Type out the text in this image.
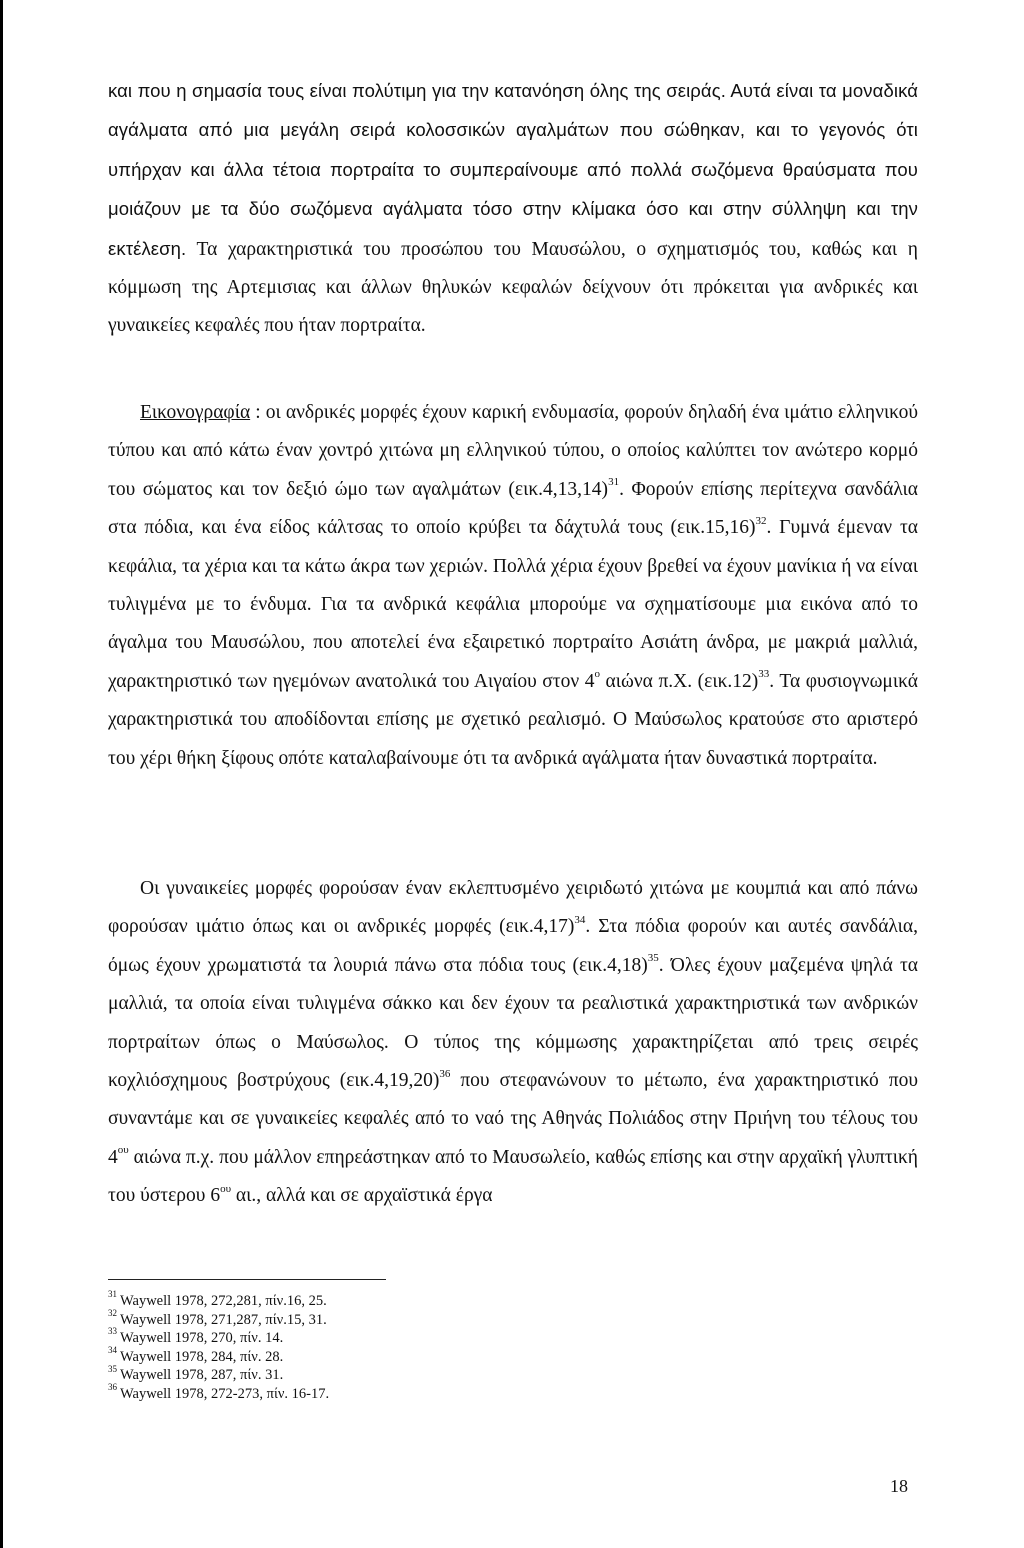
και που η σημασία τους είναι πολύτιμη για την κατανόηση όλης της σειράς. Αυτά είναι τα μοναδικά αγάλματα από μια μεγάλη σειρά κολοσσικών αγαλμάτων που σώθηκαν, και το γεγονός ότι υπήρχαν και άλλα τέτοια πορτραίτα το συμπεραίνουμε από πολλά σωζόμενα θραύσματα που μοιάζουν με τα δύο σωζόμενα αγάλματα τόσο στην κλίμακα όσο και στην σύλληψη και την εκτέλεση. Τα χαρακτηριστικά του προσώπου του Μαυσώλου, ο σχηματισμός του, καθώς και η κόμμωση της Αρτεμισιας και άλλων θηλυκών κεφαλών δείχνουν ότι πρόκειται για ανδρικές και γυναικείες κεφαλές που ήταν πορτραίτα.

Εικονογραφία : οι ανδρικές μορφές έχουν καρική ενδυμασία, φορούν δηλαδή ένα ιμάτιο ελληνικού τύπου και από κάτω έναν χοντρό χιτώνα μη ελληνικού τύπου, ο οποίος καλύπτει τον ανώτερο κορμό του σώματος και τον δεξιό ώμο των αγαλμάτων $(\varepsilon\iota\kappa.4,13,14)^{31}$. Φορούν επίσης περίτεχνα σανδάλια στα πόδια, και ένα είδος κάλτσας το οποίο κρύβει τα δάχτυλά τους $(\varepsilon\iota\kappa.15,16)^{32}$. Γυμνά έμεναν τα κεφάλια, τα χέρια και τα κάτω άκρα των χεριών. Πολλά χέρια έχουν βρεθεί να έχουν μανίκια ή να είναι τυλιγμένα με το ένδυμα. Για τα ανδρικά κεφάλια μπορούμε να σχηματίσουμε μια εικόνα από το άγαλμα του Μαυσώλου, που αποτελεί ένα εξαιρετικό πορτραίτο Ασιάτη άνδρα, με μακριά μαλλιά, χαρακτηριστικό των ηγεμόνων ανατολικά του Αιγαίου στον $4^o$ αιώνα π.Χ. $(\varepsilon\iota\kappa.12)^{33}$. Τα φυσιογνωμικά χαρακτηριστικά του αποδίδονται επίσης με σχετικό ρεαλισμό. Ο Μαύσωλος κρατούσε στο αριστερό του χέρι θήκη ξίφους οπότε καταλαβαίνουμε ότι τα ανδρικά αγάλματα ήταν δυναστικά πορτραίτα.

Οι γυναικείες μορφές φορούσαν έναν εκλεπτυσμένο χειριδωτό χιτώνα με κουμπιά και από πάνω φορούσαν ιμάτιο όπως και οι ανδρικές μορφές $(\varepsilon\iota\kappa.4,17)^{34}$. Στα πόδια φορούν και αυτές σανδάλια, όμως έχουν χρωματιστά τα λουριά πάνω στα πόδια τους $(\varepsilon\iota\kappa.4,18)^{35}$. Όλες έχουν μαζεμένα ψηλά τα μαλλιά, τα οποία είναι τυλιγμένα σάκκο και δεν έχουν τα ρεαλιστικά χαρακτηριστικά των ανδρικών πορτραίτων όπως ο Μαύσωλος. Ο τύπος της κόμμωσης χαρακτηρίζεται από τρεις σειρές κοχλιόσχημους βοστρύχους $(\varepsilon\iota\kappa.4,19,20)^{36}$ που στεφανώνουν το μέτωπο, ένα χαρακτηριστικό που συναντάμε και σε γυναικείες κεφαλές από το ναό της Αθηνάς Πολιάδος στην Πριήνη του τέλους του $4^{o\upsilon}$ αιώνα π.χ. που μάλλον επηρεάστηκαν από το Μαυσωλείο, καθώς επίσης και στην αρχαϊκή γλυπτική του ύστερου $6^{o\upsilon}$ αι., αλλά και σε αρχαϊστικά έργα

$^{31}$ Waywell 1978, 272,281, πίν.16, 25.
$^{32}$ Waywell 1978, 271,287, πίν.15, 31.
$^{33}$ Waywell 1978, 270, πίν. 14.
$^{34}$ Waywell 1978, 284, πίν. 28.
$^{35}$ Waywell 1978, 287, πίν. 31.
$^{36}$ Waywell 1978, 272-273, πίν. 16-17.
18
